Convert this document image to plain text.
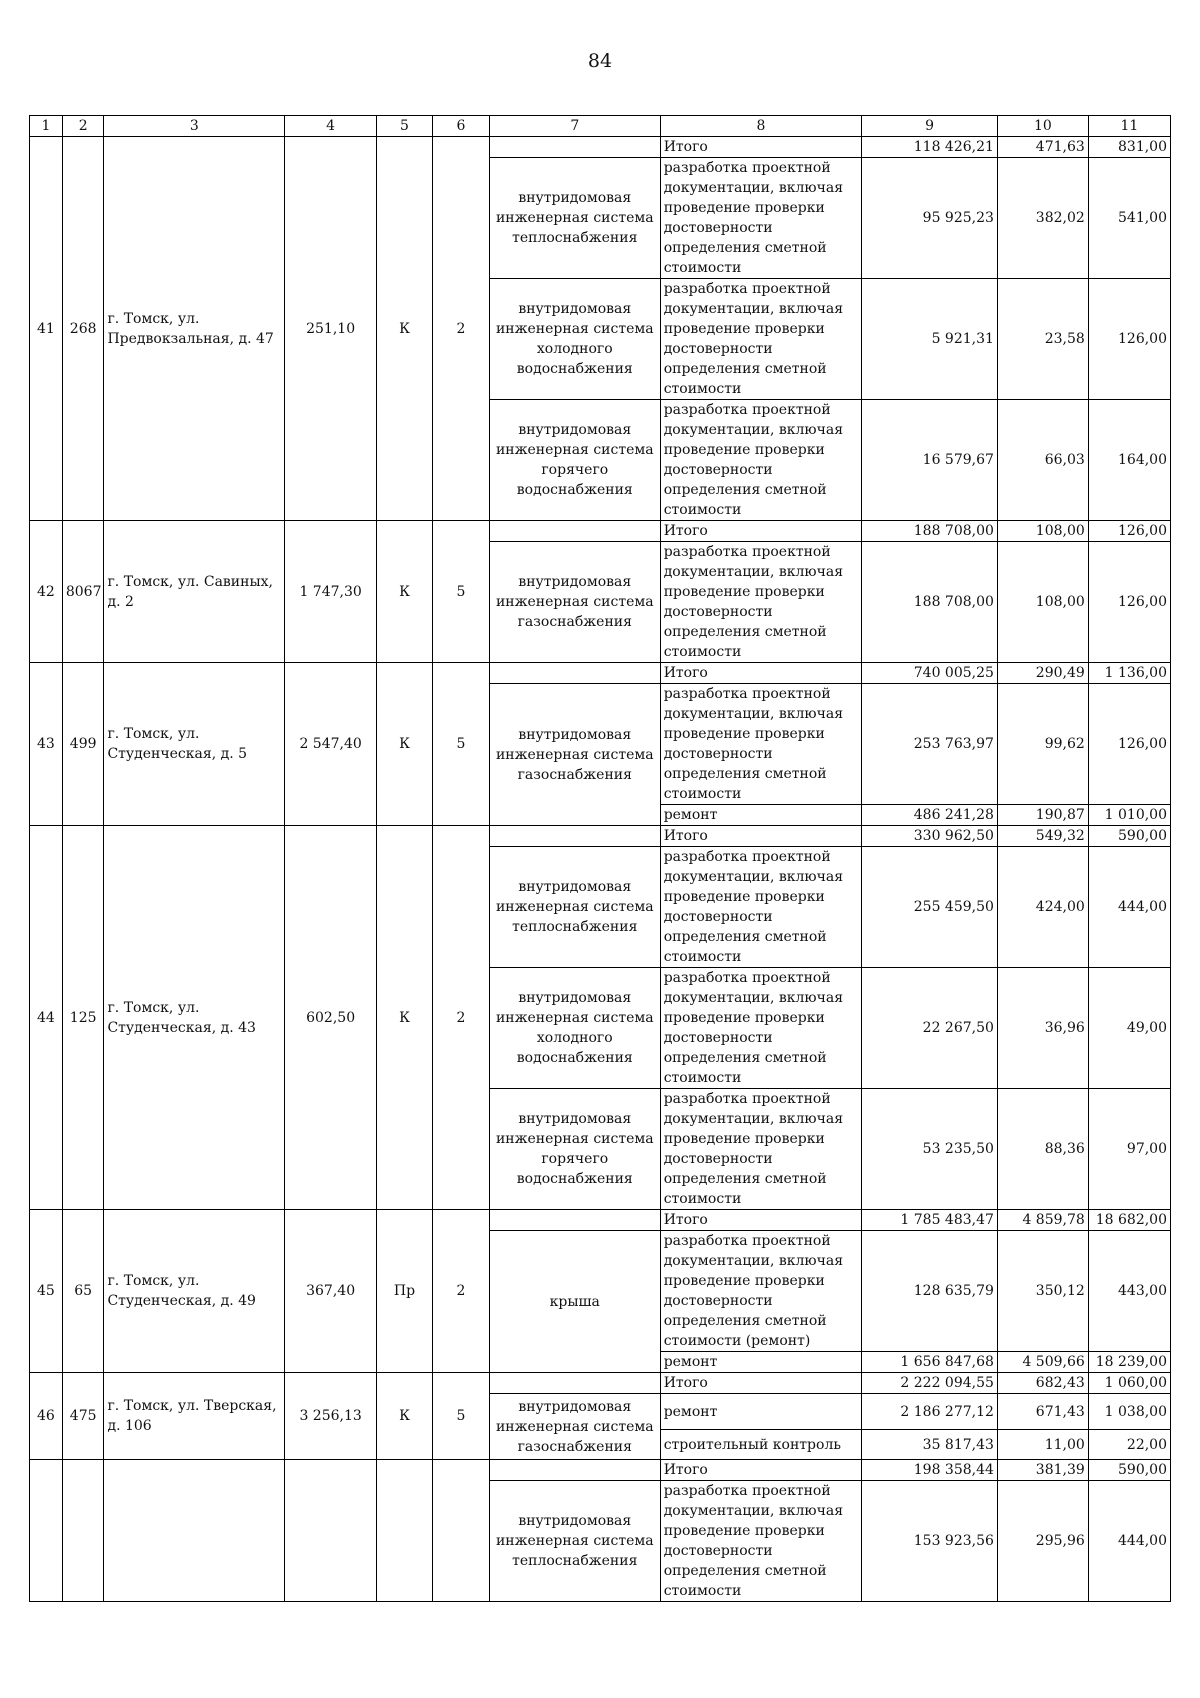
84
1	2	3	4	5	6	7	8	9	10	11
41	268	г. Томск, ул. Предвокзальная, д. 47	251,10	К	2		Итого	118 426,21	471,63	831,00
						внутридомовая инженерная система теплоснабжения	разработка проектной документации, включая проведение проверки достоверности определения сметной стоимости	95 925,23	382,02	541,00
						внутридомовая инженерная система холодного водоснабжения	разработка проектной документации, включая проведение проверки достоверности определения сметной стоимости	5 921,31	23,58	126,00
						внутридомовая инженерная система горячего водоснабжения	разработка проектной документации, включая проведение проверки достоверности определения сметной стоимости	16 579,67	66,03	164,00
42	8067	г. Томск, ул. Савиных, д. 2	1 747,30	К	5		Итого	188 708,00	108,00	126,00
						внутридомовая инженерная система газоснабжения	разработка проектной документации, включая проведение проверки достоверности определения сметной стоимости	188 708,00	108,00	126,00
43	499	г. Томск, ул. Студенческая, д. 5	2 547,40	К	5		Итого	740 005,25	290,49	1 136,00
						внутридомовая инженерная система газоснабжения	разработка проектной документации, включая проведение проверки достоверности определения сметной стоимости	253 763,97	99,62	126,00
							ремонт	486 241,28	190,87	1 010,00
44	125	г. Томск, ул. Студенческая, д. 43	602,50	К	2		Итого	330 962,50	549,32	590,00
						внутридомовая инженерная система теплоснабжения	разработка проектной документации, включая проведение проверки достоверности определения сметной стоимости	255 459,50	424,00	444,00
						внутридомовая инженерная система холодного водоснабжения	разработка проектной документации, включая проведение проверки достоверности определения сметной стоимости	22 267,50	36,96	49,00
						внутридомовая инженерная система горячего водоснабжения	разработка проектной документации, включая проведение проверки достоверности определения сметной стоимости	53 235,50	88,36	97,00
45	65	г. Томск, ул. Студенческая, д. 49	367,40	Пр	2		Итого	1 785 483,47	4 859,78	18 682,00
						крыша	разработка проектной документации, включая проведение проверки достоверности определения сметной стоимости (ремонт)	128 635,79	350,12	443,00
							ремонт	1 656 847,68	4 509,66	18 239,00
46	475	г. Томск, ул. Тверская, д. 106	3 256,13	К	5		Итого	2 222 094,55	682,43	1 060,00
						внутридомовая инженерная система газоснабжения	ремонт	2 186 277,12	671,43	1 038,00
							строительный контроль	35 817,43	11,00	22,00
							Итого	198 358,44	381,39	590,00
						внутридомовая инженерная система теплоснабжения	разработка проектной документации, включая проведение проверки достоверности определения сметной стоимости	153 923,56	295,96	444,00
